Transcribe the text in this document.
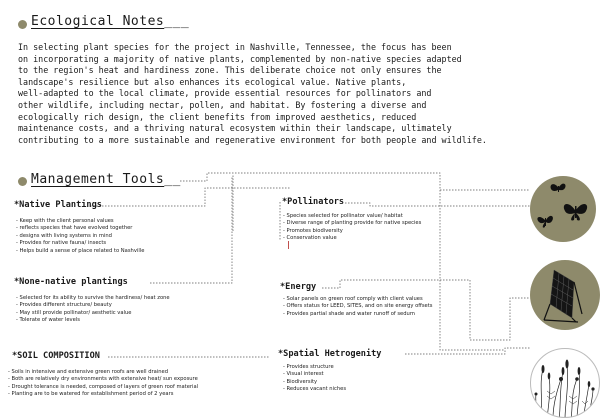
Ecological Notes___
In selecting plant species for the project in Nashville, Tennessee, the focus has been
on incorporating a majority of native plants, complemented by non-native species adapted
to the region's heat and hardiness zone. This deliberate choice not only ensures the
landscape's resilience but also enhances its ecological value. Native plants,
well-adapted to the local climate, provide essential resources for pollinators and
other wildlife, including nectar, pollen, and habitat. By fostering a diverse and
ecologically rich design, the client benefits from improved aesthetics, reduced
maintenance costs, and a thriving natural ecosystem within their landscape, ultimately
contributing to a more sustainable and regenerative environment for both people and wildlife.
Management Tools__
*Native Plantings
- Keep with the client personal values
- reflects species that have evolved together
- designs with living systems in mind
- Provides for native fauna/ insects
- Helps build a sense of place related to Nashville
*None-native plantings
- Selected for its ability to survive the hardiness/ heat zone
- Provides different structure/ beauty
- May still provide pollinator/ aesthetic value
- Tolerate of water levels
*SOIL COMPOSITION
- Soils in intensive and extensive green roofs are well drained
- Both are relatively dry environments with extensive heat/ sun exposure
- Drought tolerance is needed, composed of layers of green roof material
- Planting are to be watered for establishment period of 2 years
*Pollinators
- Species selected for pollinator value/ habitat
- Diverse range of planting provide for native species
- Promotes biodiversity
- Conservation value
*Energy
- Solar panels on green roof comply with client values
- Offers status for LEED, SITES, and on site energy offsets
- Provides partial shade and water runoff of sedum
*Spatial Hetrogenity
- Provides structure
- Visual interest
- Biodiversity
- Reduces vacant niches
